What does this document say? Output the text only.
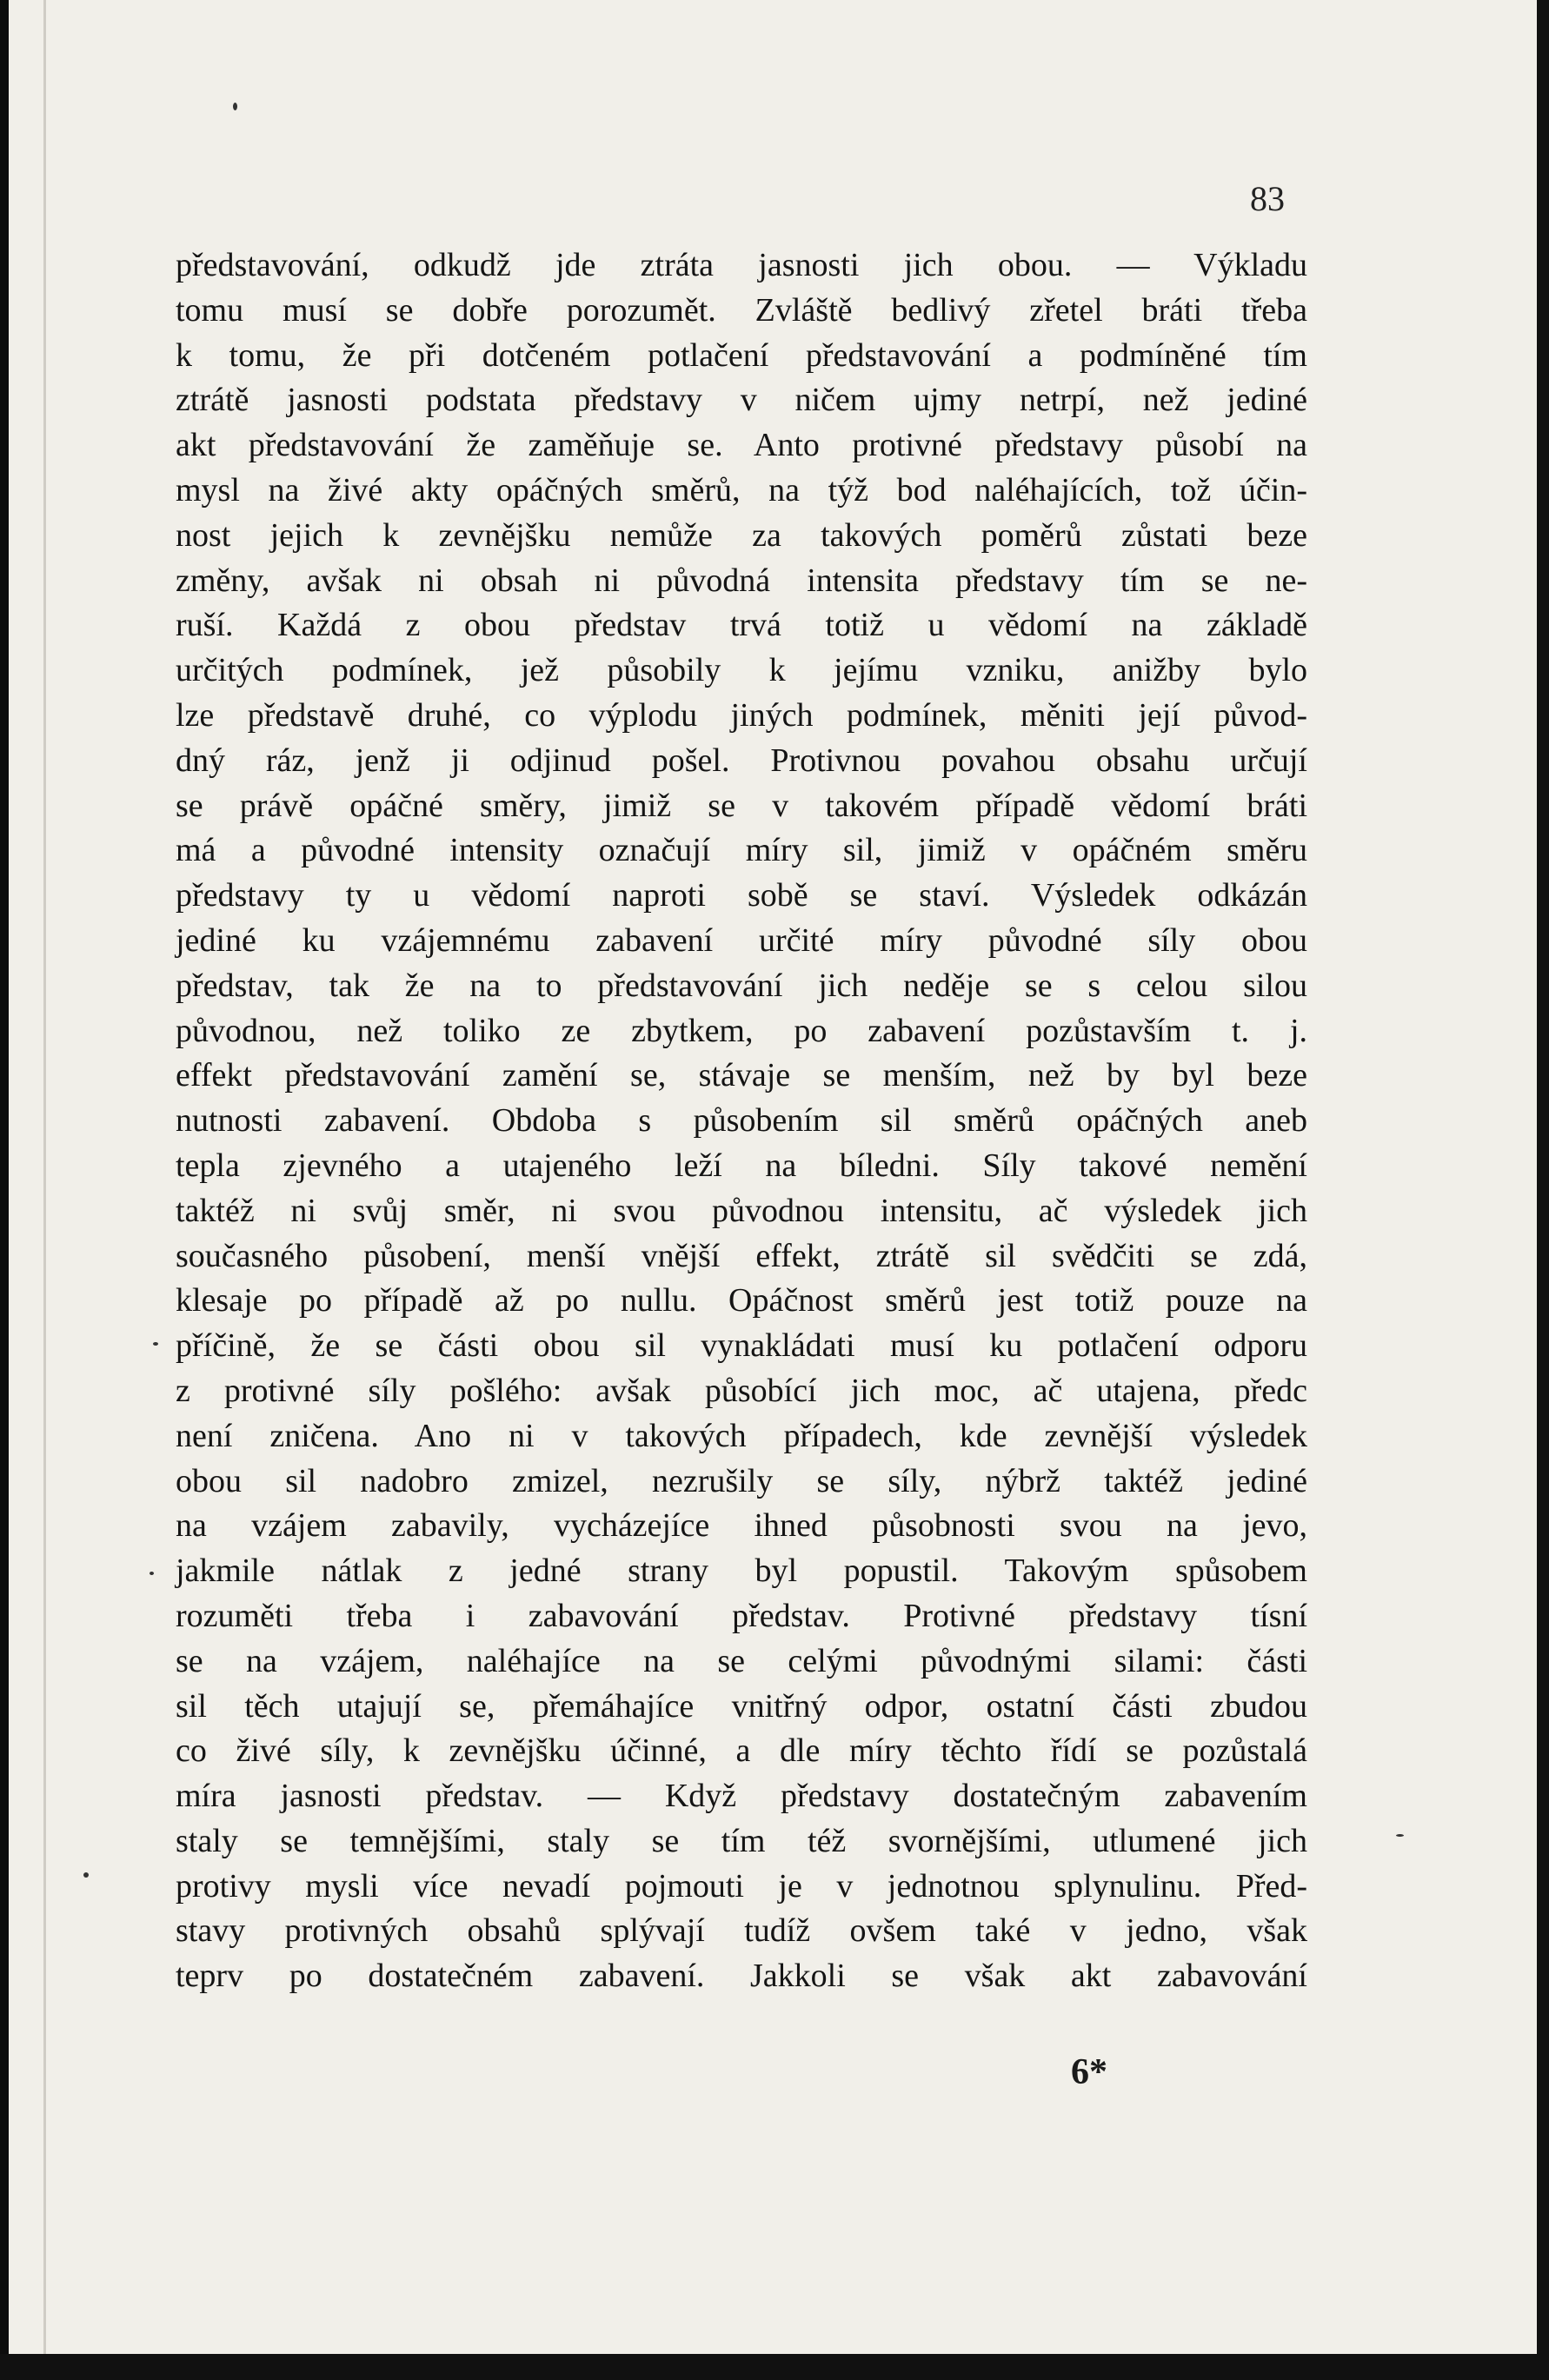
83
představování, odkudž jde ztráta jasnosti jich obou. — Výkladu
tomu musí se dobře porozumět. Zvláště bedlivý zřetel bráti třeba
k tomu, že při dotčeném potlačení představování a podmíněné tím
ztrátě jasnosti podstata představy v ničem ujmy netrpí, než jediné
akt představování že zaměňuje se. Anto protivné představy působí na
mysl na živé akty opáčných směrů, na týž bod naléhajících, tož účin-
nost jejich k zevnějšku nemůže za takových poměrů zůstati beze
změny, avšak ni obsah ni původná intensita představy tím se ne-
ruší. Každá z obou představ trvá totiž u vědomí na základě
určitých podmínek, jež působily k jejímu vzniku, anižby bylo
lze představě druhé, co výplodu jiných podmínek, měniti její původ-
dný ráz, jenž ji odjinud pošel. Protivnou povahou obsahu určují
se právě opáčné směry, jimiž se v takovém případě vědomí bráti
má a původné intensity označují míry sil, jimiž v opáčném směru
představy ty u vědomí naproti sobě se staví. Výsledek odkázán
jediné ku vzájemnému zabavení určité míry původné síly obou
představ, tak že na to představování jich neděje se s celou silou
původnou, než toliko ze zbytkem, po zabavení pozůstavším t. j.
effekt představování zamění se, stávaje se menším, než by byl beze
nutnosti zabavení. Obdoba s působením sil směrů opáčných aneb
tepla zjevného a utajeného leží na bíledni. Síly takové nemění
taktéž ni svůj směr, ni svou původnou intensitu, ač výsledek jich
současného působení, menší vnější effekt, ztrátě sil svědčiti se zdá,
klesaje po případě až po nullu. Opáčnost směrů jest totiž pouze na
příčině, že se části obou sil vynakládati musí ku potlačení odporu
z protivné síly pošlého: avšak působící jich moc, ač utajena, předc
není zničena. Ano ni v takových případech, kde zevnější výsledek
obou sil nadobro zmizel, nezrušily se síly, nýbrž taktéž jediné
na vzájem zabavily, vycházejíce ihned působnosti svou na jevo,
jakmile nátlak z jedné strany byl popustil. Takovým spůsobem
rozuměti třeba i zabavování představ. Protivné představy tísní
se na vzájem, naléhajíce na se celými původnými silami: části
sil těch utajují se, přemáhajíce vnitřný odpor, ostatní části zbudou
co živé síly, k zevnějšku účinné, a dle míry těchto řídí se pozůstalá
míra jasnosti představ. — Když představy dostatečným zabavením
staly se temnějšími, staly se tím též svornějšími, utlumené jich
protivy mysli více nevadí pojmouti je v jednotnou splynulinu. Před-
stavy protivných obsahů splývají tudíž ovšem také v jedno, však
teprv po dostatečném zabavení. Jakkoli se však akt zabavování
6*
